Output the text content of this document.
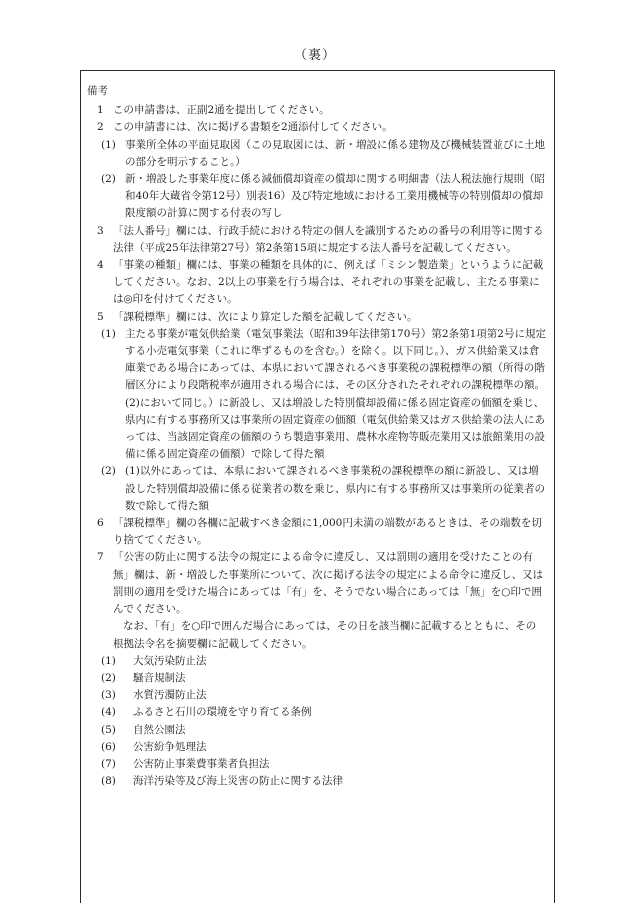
（裏）
備考
1 この申請書は、正副2通を提出してください。
2 この申請書には、次に掲げる書類を2通添付してください。
(1) 事業所全体の平面見取図（この見取図には、新・増設に係る建物及び機械装置並びに土地の部分を明示すること。）
(2) 新・増設した事業年度に係る減価償却資産の償却に関する明細書（法人税法施行規則（昭和40年大蔵省令第12号）別表16）及び特定地域における工業用機械等の特別償却の償却限度額の計算に関する付表の写し
3 「法人番号」欄には、行政手続における特定の個人を識別するための番号の利用等に関する法律（平成25年法律第27号）第2条第15項に規定する法人番号を記載してください。
4 「事業の種類」欄には、事業の種類を具体的に、例えば「ミシン製造業」というように記載してください。なお、2以上の事業を行う場合は、それぞれの事業を記載し、主たる事業には◎印を付けてください。
5 「課税標準」欄には、次により算定した額を記載してください。
(1) 主たる事業が電気供給業（電気事業法（昭和39年法律第170号）第2条第1項第2号に規定する小売電気事業（これに準ずるものを含む。）を除く。以下同じ。）、ガス供給業又は倉庫業である場合にあっては、本県において課されるべき事業税の課税標準の額（所得の階層区分により段階税率が適用される場合には、その区分されたそれぞれの課税標準の額。(2)において同じ。）に新設し、又は増設した特別償却設備に係る固定資産の価額を乗じ、県内に有する事務所又は事業所の固定資産の価額（電気供給業又はガス供給業の法人にあっては、当該固定資産の価額のうち製造事業用、農林水産物等販売業用又は旅館業用の設備に係る固定資産の価額）で除して得た額
(2) (1)以外にあっては、本県において課されるべき事業税の課税標準の額に新設し、又は増設した特別償却設備に係る従業者の数を乗じ、県内に有する事務所又は事業所の従業者の数で除して得た額
6 「課税標準」欄の各欄に記載すべき金額に1,000円未満の端数があるときは、その端数を切り捨ててください。
7 「公害の防止に関する法令の規定による命令に違反し、又は罰則の適用を受けたことの有無」欄は、新・増設した事業所について、次に掲げる法令の規定による命令に違反し、又は罰則の適用を受けた場合にあっては「有」を、そうでない場合にあっては「無」を○印で囲んでください。
なお、「有」を○印で囲んだ場合にあっては、その日を該当欄に記載するとともに、その根拠法令名を摘要欄に記載してください。
(1)	大気汚染防止法
(2)	騒音規制法
(3)	水質汚濁防止法
(4)	ふるさと石川の環境を守り育てる条例
(5)	自然公園法
(6)	公害紛争処理法
(7)	公害防止事業費事業者負担法
(8)	海洋汚染等及び海上災害の防止に関する法律
